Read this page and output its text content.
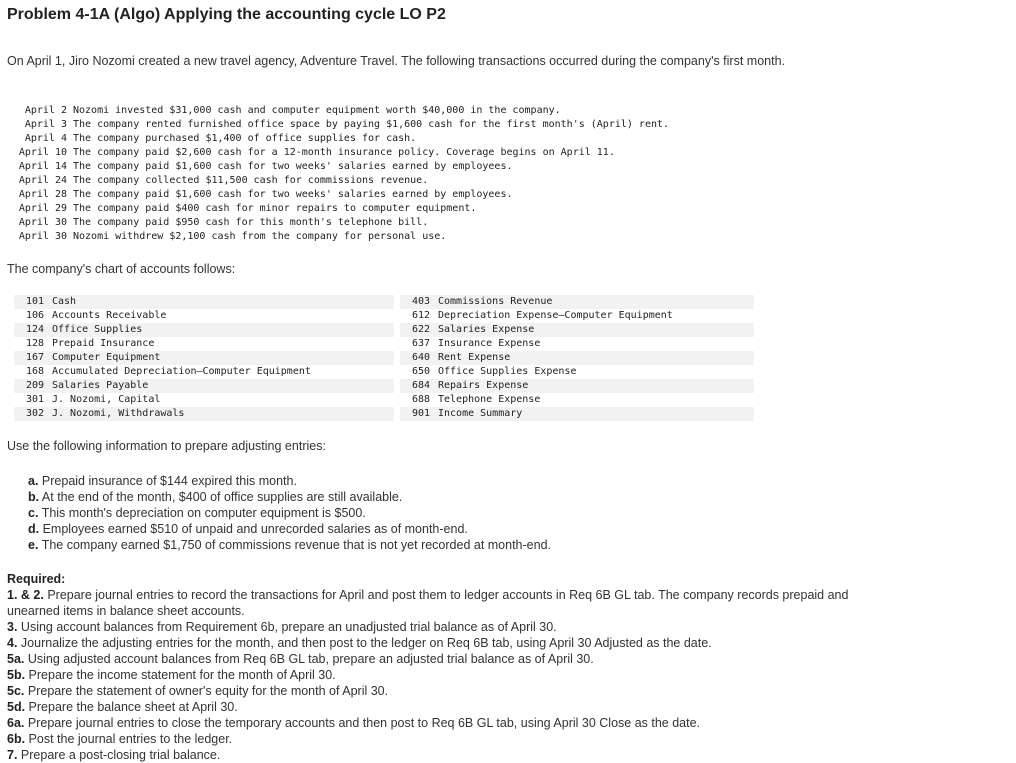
Problem 4-1A (Algo) Applying the accounting cycle LO P2
On April 1, Jiro Nozomi created a new travel agency, Adventure Travel. The following transactions occurred during the company's first month.
April 2 Nozomi invested $31,000 cash and computer equipment worth $40,000 in the company.
April 3 The company rented furnished office space by paying $1,600 cash for the first month's (April) rent.
April 4 The company purchased $1,400 of office supplies for cash.
April 10 The company paid $2,600 cash for a 12-month insurance policy. Coverage begins on April 11.
April 14 The company paid $1,600 cash for two weeks' salaries earned by employees.
April 24 The company collected $11,500 cash for commissions revenue.
April 28 The company paid $1,600 cash for two weeks' salaries earned by employees.
April 29 The company paid $400 cash for minor repairs to computer equipment.
April 30 The company paid $950 cash for this month's telephone bill.
April 30 Nozomi withdrew $2,100 cash from the company for personal use.
The company's chart of accounts follows:

101 Cash
106 Accounts Receivable
124 Office Supplies
128 Prepaid Insurance
167 Computer Equipment
168 Accumulated Depreciation—Computer Equipment
209 Salaries Payable
301 J. Nozomi, Capital
302 J. Nozomi, Withdrawals

403 Commissions Revenue
612 Depreciation Expense—Computer Equipment
622 Salaries Expense
637 Insurance Expense
640 Rent Expense
650 Office Supplies Expense
684 Repairs Expense
688 Telephone Expense
901 Income Summary

Use the following information to prepare adjusting entries:
a. Prepaid insurance of $144 expired this month.
b. At the end of the month, $400 of office supplies are still available.
c. This month's depreciation on computer equipment is $500.
d. Employees earned $510 of unpaid and unrecorded salaries as of month-end.
e. The company earned $1,750 of commissions revenue that is not yet recorded at month-end.
Required:
1. & 2. Prepare journal entries to record the transactions for April and post them to ledger accounts in Req 6B GL tab. The company records prepaid and unearned items in balance sheet accounts.
3. Using account balances from Requirement 6b, prepare an unadjusted trial balance as of April 30.
4. Journalize the adjusting entries for the month, and then post to the ledger on Req 6B tab, using April 30 Adjusted as the date.
5a. Using adjusted account balances from Req 6B GL tab, prepare an adjusted trial balance as of April 30.
5b. Prepare the income statement for the month of April 30.
5c. Prepare the statement of owner's equity for the month of April 30.
5d. Prepare the balance sheet at April 30.
6a. Prepare journal entries to close the temporary accounts and then post to Req 6B GL tab, using April 30 Close as the date.
6b. Post the journal entries to the ledger.
7. Prepare a post-closing trial balance.
